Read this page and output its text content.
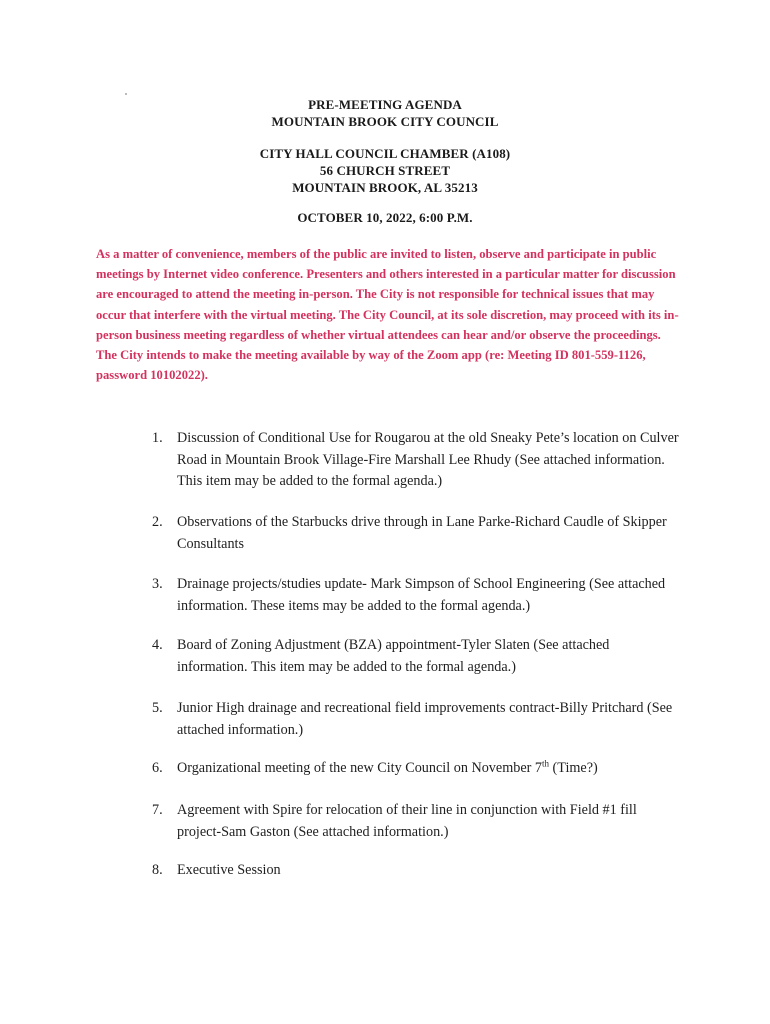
PRE-MEETING AGENDA
MOUNTAIN BROOK CITY COUNCIL
CITY HALL COUNCIL CHAMBER (A108)
56 CHURCH STREET
MOUNTAIN BROOK, AL 35213
OCTOBER 10, 2022, 6:00 P.M.
As a matter of convenience, members of the public are invited to listen, observe and participate in public meetings by Internet video conference. Presenters and others interested in a particular matter for discussion are encouraged to attend the meeting in-person. The City is not responsible for technical issues that may occur that interfere with the virtual meeting. The City Council, at its sole discretion, may proceed with its in-person business meeting regardless of whether virtual attendees can hear and/or observe the proceedings. The City intends to make the meeting available by way of the Zoom app (re: Meeting ID 801-559-1126, password 10102022).
1. Discussion of Conditional Use for Rougarou at the old Sneaky Pete’s location on Culver Road in Mountain Brook Village-Fire Marshall Lee Rhudy (See attached information. This item may be added to the formal agenda.)
2. Observations of the Starbucks drive through in Lane Parke-Richard Caudle of Skipper Consultants
3. Drainage projects/studies update- Mark Simpson of School Engineering (See attached information. These items may be added to the formal agenda.)
4. Board of Zoning Adjustment (BZA) appointment-Tyler Slaten (See attached information. This item may be added to the formal agenda.)
5. Junior High drainage and recreational field improvements contract-Billy Pritchard (See attached information.)
6. Organizational meeting of the new City Council on November 7th (Time?)
7. Agreement with Spire for relocation of their line in conjunction with Field #1 fill project-Sam Gaston (See attached information.)
8. Executive Session
